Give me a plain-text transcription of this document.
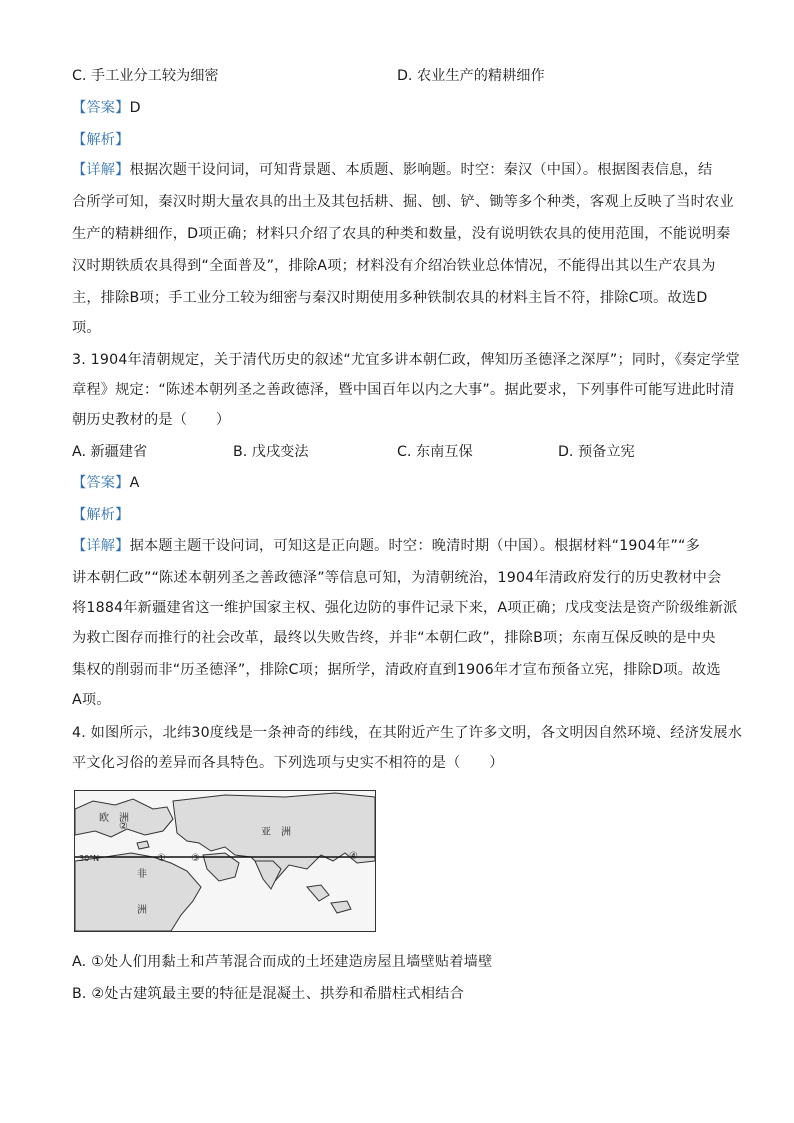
C. 手工业分工较为细密	D. 农业生产的精耕细作
【答案】D
【解析】
【详解】根据次题干设问词，可知背景题、本质题、影响题。时空：秦汉（中国）。根据图表信息，结
合所学可知，秦汉时期大量农具的出土及其包括耕、掘、刨、铲、锄等多个种类，客观上反映了当时农业
生产的精耕细作，D项正确；材料只介绍了农具的种类和数量，没有说明铁农具的使用范围，不能说明秦
汉时期铁质农具得到“全面普及”，排除A项；材料没有介绍冶铁业总体情况，不能得出其以生产农具为
主，排除B项；手工业分工较为细密与秦汉时期使用多种铁制农具的材料主旨不符，排除C项。故选D
项。
3. 1904年清朝规定，关于清代历史的叙述“尤宜多讲本朝仁政，俾知历圣德泽之深厚”；同时，《奏定学堂
章程》规定：“陈述本朝列圣之善政德泽，暨中国百年以内之大事”。据此要求，下列事件可能写进此时清
朝历史教材的是（　　）
A. 新疆建省	B. 戊戌变法	C. 东南互保	D. 预备立宪
【答案】A
【解析】
【详解】据本题主题干设问词，可知这是正向题。时空：晚清时期（中国）。根据材料“1904年”“多
讲本朝仁政”“陈述本朝列圣之善政德泽”等信息可知，为清朝统治，1904年清政府发行的历史教材中会
将1884年新疆建省这一维护国家主权、强化边防的事件记录下来，A项正确；戊戌变法是资产阶级维新派
为救亡图存而推行的社会改革，最终以失败告终，并非“本朝仁政”，排除B项；东南互保反映的是中央
集权的削弱而非“历圣德泽”，排除C项；据所学，清政府直到1906年才宣布预备立宪，排除D项。故选
A项。
4. 如图所示，北纬30度线是一条神奇的纬线，在其附近产生了许多文明，各文明因自然环境、经济发展水
平文化习俗的差异而各具特色。下列选项与史实不相符的是（　　）
欧　洲
亚　洲
非
洲
30°N	①
②
③	④
A. ①处人们用黏土和芦苇混合而成的土坯建造房屋且墙壁贴着墙壁
B. ②处古建筑最主要的特征是混凝土、拱券和希腊柱式相结合
